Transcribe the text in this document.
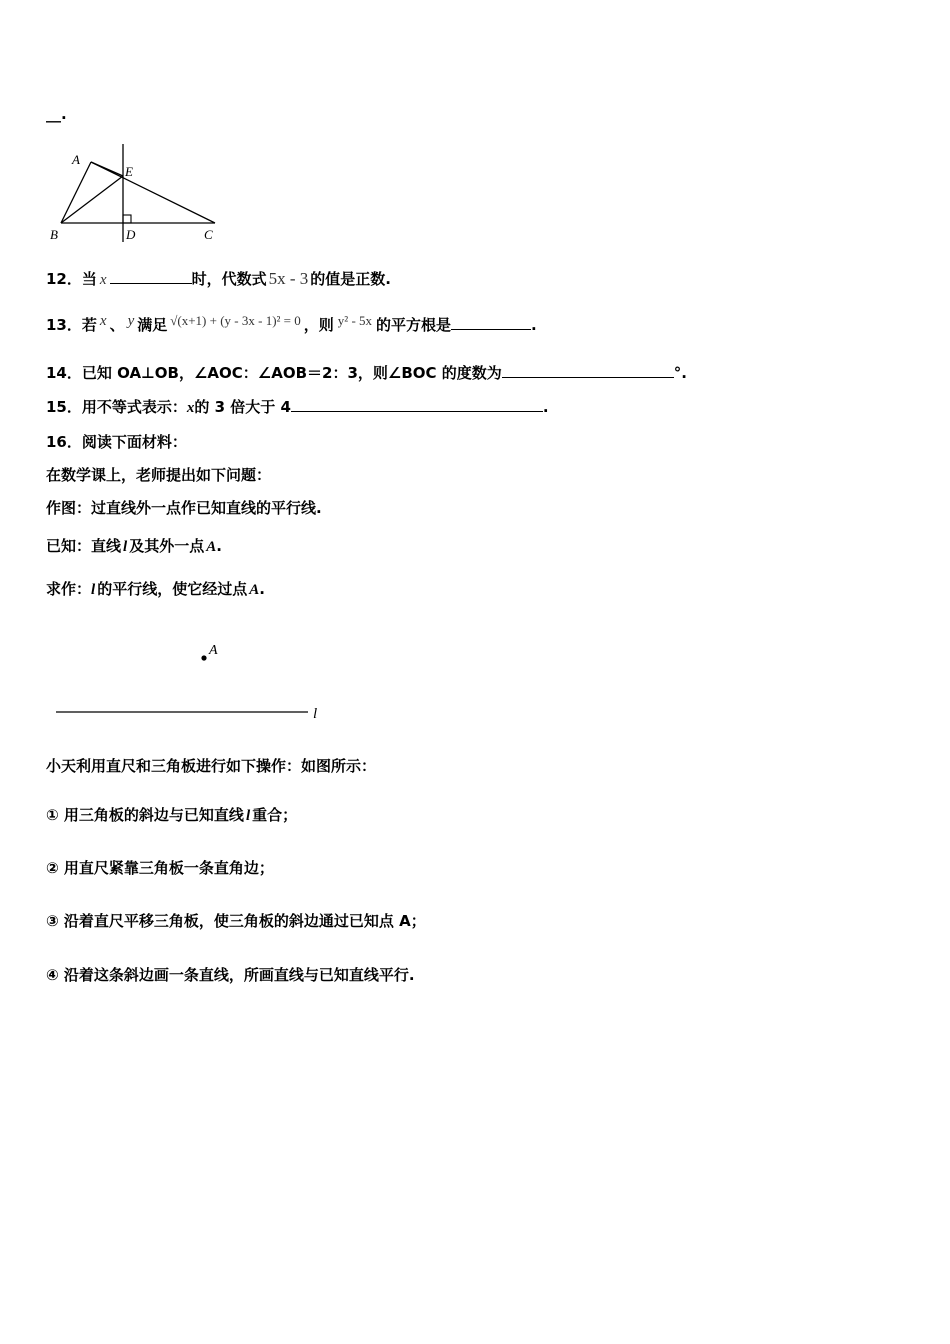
__.
A
E
B	D	C
12．当 x	时，代数式 5x - 3 的值是正数.
13．若 x 、 y 满足 √(x+1) + (y - 3x - 1)² = 0 ，则 y² - 5x 的平方根是	.
14．已知 OA⊥OB，∠AOC：∠AOB＝2：3，则∠BOC 的度数为	°.
15．用不等式表示：x的 3 倍大于 4	.
16．阅读下面材料：
在数学课上，老师提出如下问题：
作图：过直线外一点作已知直线的平行线.
已知：直线 l 及其外一点 A.
求作：l 的平行线，使它经过点 A.
A
l
小天利用直尺和三角板进行如下操作：如图所示：
① 用三角板的斜边与已知直线 l 重合；
② 用直尺紧靠三角板一条直角边；
③ 沿着直尺平移三角板，使三角板的斜边通过已知点 A；
④ 沿着这条斜边画一条直线，所画直线与已知直线平行.
